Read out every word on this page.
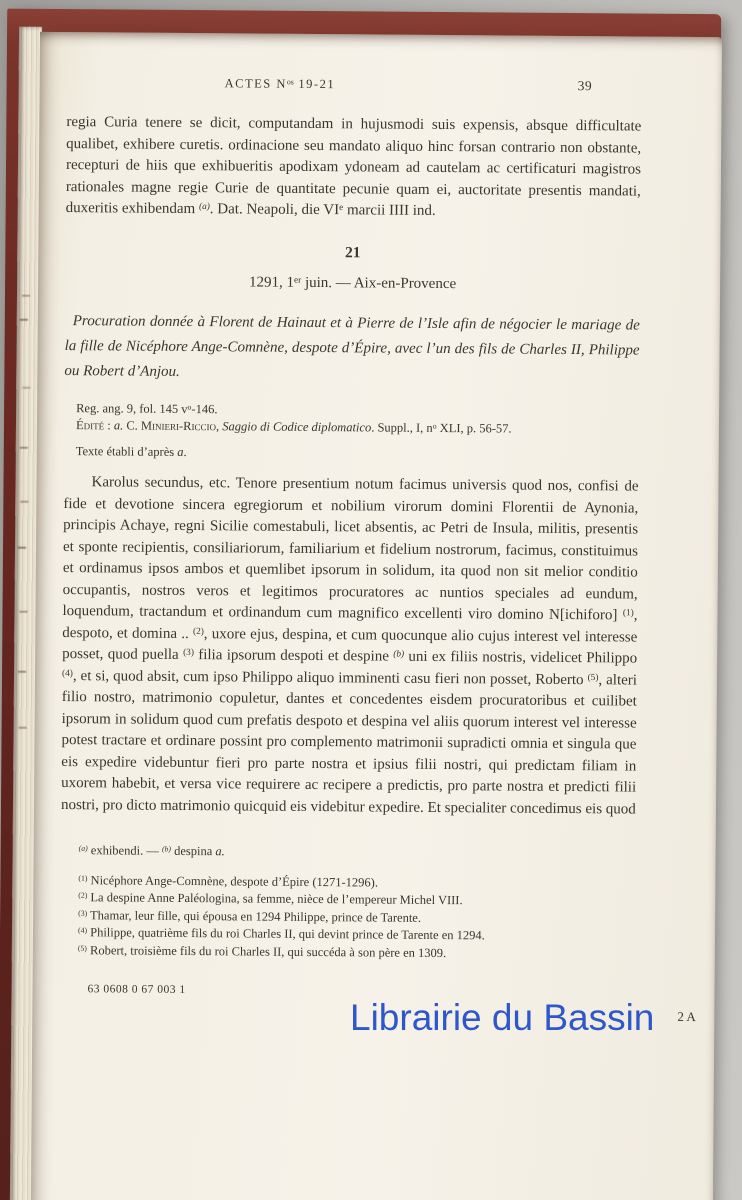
ACTES $N^{os}$ 19-21	39

regia Curia tenere se dicit, computandam in hujusmodi suis expensis, absque difficultate qualibet, exhibere curetis. ordinacione seu mandato aliquo hinc forsan contrario non obstante, recepturi de hiis que exhibueritis apodixam ydoneam ad cautelam ac certificaturi magistros rationales magne regie Curie de quantitate pecunie quam ei, auctoritate presentis mandati, duxeritis exhibendam $^{(a)}$. Dat. Neapoli, die VIe marcii IIII ind.

21
1291, 1er juin. — Aix-en-Provence

Procuration donnée à Florent de Hainaut et à Pierre de l’Isle afin de négocier le mariage de la fille de Nicéphore Ange-Comnène, despote d’Épire, avec l’un des fils de Charles II, Philippe ou Robert d’Anjou.

Reg. ang. 9, fol. 145 $v^o-146$.
Édité : a. C. Minieri-Riccio, Saggio di Codice diplomatico. Suppl., I, $n^o$ XLI, p. 56-57.
Texte établi d’après a.

Karolus secundus, etc. Tenore presentium notum facimus universis quod nos, confisi de fide et devotione sincera egregiorum et nobilium virorum domini Florentii de Aynonia, principis Achaye, regni Sicilie comestabuli, licet absentis, ac Petri de Insula, militis, presentis et sponte recipientis, consiliariorum, familiarium et fidelium nostrorum, facimus, constituimus et ordinamus ipsos ambos et quemlibet ipsorum in solidum, ita quod non sit melior conditio occupantis, nostros veros et legitimos procuratores ac nuntios speciales ad eundum, loquendum, tractandum et ordinandum cum magnifico excellenti viro domino N[ichiforo] $^{(1)}$, despoto, et domina .. $^{(2)}$, uxore ejus, despina, et cum quocunque alio cujus interest vel interesse posset, quod puella $^{(3)}$ filia ipsorum despoti et despine $^{(b)}$ uni ex filiis nostris, videlicet Philippo $^{(4)}$, et si, quod absit, cum ipso Philippo aliquo imminenti casu fieri non posset, Roberto $^{(5)}$, alteri filio nostro, matrimonio copuletur, dantes et concedentes eisdem procuratoribus et cuilibet ipsorum in solidum quod cum prefatis despoto et despina vel aliis quorum interest vel interesse potest tractare et ordinare possint pro complemento matrimonii supradicti omnia et singula que eis expedire videbuntur fieri pro parte nostra et ipsius filii nostri, qui predictam filiam in uxorem habebit, et versa vice requirere ac recipere a predictis, pro parte nostra et predicti filii nostri, pro dicto matrimonio quicquid eis videbitur expedire. Et specialiter concedimus eis quod

$^{(a)}$ exhibendi. — $^{(b)}$ despina a.
$^{(1)}$ Nicéphore Ange-Comnène, despote d’Épire (1271-1296).
$^{(2)}$ La despine Anne Paléologina, sa femme, nièce de l’empereur Michel VIII.
$^{(3)}$ Thamar, leur fille, qui épousa en 1294 Philippe, prince de Tarente.
$^{(4)}$ Philippe, quatrième fils du roi Charles II, qui devint prince de Tarente en 1294.
$^{(5)}$ Robert, troisième fils du roi Charles II, qui succéda à son père en 1309.
63 0608 0 67 003 1
2 A
Librairie du Bassin
